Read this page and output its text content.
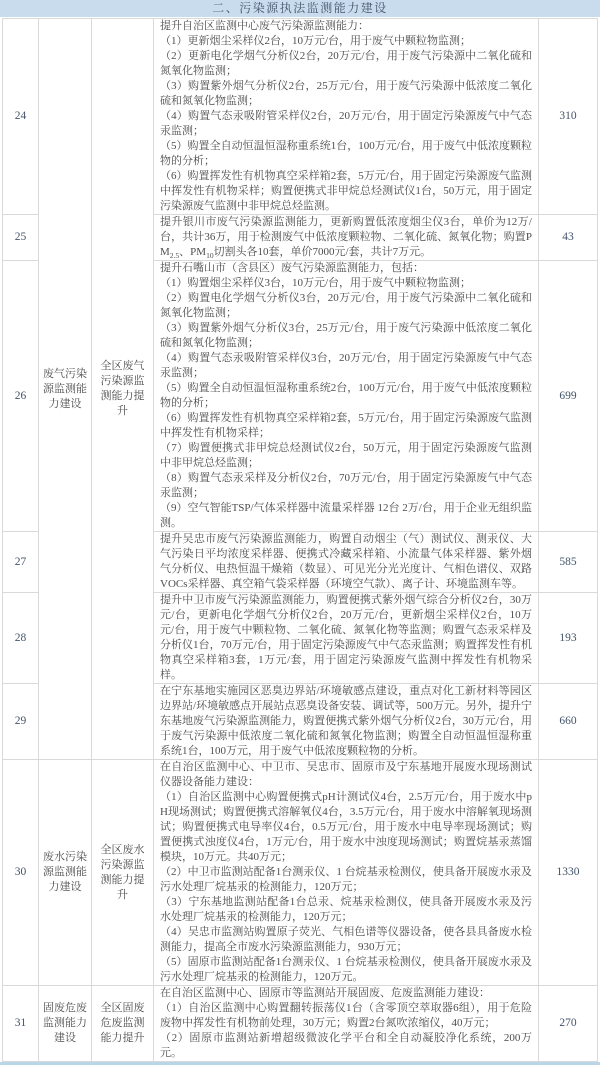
二、污染源执法监测能力建设
24	废气污染源监测能力建设	全区废气污染源监测能力提升	
提升自治区监测中心废气污染源监测能力：
（1）更新烟尘采样仪2台，10万元/台，用于废气中颗粒物监测；
（2）更新电化学烟气分析仪2台，20万元/台，用于废气污染源中二氧化硫和氮氧化物监测；
（3）购置紫外烟气分析仪2台，25万元/台，用于废气污染源中低浓度二氧化硫和氮氧化物监测；
（4）购置气态汞吸附管采样仪2台，20万元/台，用于固定污染源废气中气态汞监测；
（5）购置全自动恒温恒湿称重系统1台，100万元/台，用于废气中低浓度颗粒物的分析；
（6）购置挥发性有机物真空采样箱2套，5万元/台，用于固定污染源废气监测中挥发性有机物采样；购置便携式非甲烷总烃测试仪1台，50万元，用于固定污染源废气监测中非甲烷总烃监测。
	310
25			提升银川市废气污染源监测能力，更新购置低浓度烟尘仪3台，单价为12万/台，共计36万，用于检测废气中低浓度颗粒物、二氧化硫、氮氧化物；购置$PM_{2.5}$、$PM_{10}$切割头各10套，单价7000元/套，共计7万元。	43
26	
提升石嘴山市（含县区）废气污染源监测能力，包括：
（1）购置烟尘采样仪3台，10万元/台，用于废气中颗粒物监测；
（2）购置电化学烟气分析仪3台，20万元/台，用于废气污染源中二氧化硫和氮氧化物监测；
（3）购置紫外烟气分析仪3台，25万元/台，用于废气污染源中低浓度二氧化硫和氮氧化物监测；
（4）购置气态汞吸附管采样仪3台，20万元/台，用于固定污染源废气中气态汞监测；
（5）购置全自动恒温恒湿称重系统2台，100万元/台，用于废气中低浓度颗粒物的分析；
（6）购置挥发性有机物真空采样箱2套，5万元/台，用于固定污染源废气监测中挥发性有机物采样；
（7）购置便携式非甲烷总烃测试仪2台，50万元，用于固定污染源废气监测中非甲烷总烃监测；
（8）购置气态汞采样及分析仪2台，70万元/台，用于固定污染源废气中气态汞监测；
（9）空气智能TSP/气体采样器中流量采样器 12台 2万/台，用于企业无组织监测。
	699
27			提升吴忠市废气污染源监测能力，购置自动烟尘（气）测试仪、测汞仪、大气污染日平均浓度采样器、便携式冷藏采样箱、小流量气体采样器、紫外烟气分析仪、电热恒温干燥箱（数显）、可见光分光光度计、气相色谱仪、双路VOCs采样器、真空箱气袋采样器（环境空气款）、离子计、环境监测车等。	585
28			提升中卫市废气污染源监测能力，购置便携式紫外烟气综合分析仪2台，30万元/台，更新电化学烟气分析仪2台，20万元/台，更新烟尘采样仪2台，10万元/台，用于废气中颗粒物、二氧化硫、氮氧化物等监测；购置气态汞采样及分析仪1台，70万元/台，用于固定污染源废气中气态汞监测；购置挥发性有机物真空采样箱3套，1万元/套，用于固定污染源废气监测中挥发性有机物采样。	193
29			在宁东基地实施园区恶臭边界站/环境敏感点建设，重点对化工新材料等园区边界站/环境敏感点开展站点恶臭设备安装、调试等，500万元。另外，提升宁东基地废气污染源监测能力，购置便携式紫外烟气分析仪2台，30万元/台，用于废气污染源中低浓度二氧化硫和氮氧化物监测；购置全自动恒温恒湿称重系统1台，100万元，用于废气中低浓度颗粒物的分析。	660
30	废水污染源监测能力建设	全区废水污染源监测能力提升	
在自治区监测中心、中卫市、吴忠市、固原市及宁东基地开展废水现场测试仪器设备能力建设：
（1）自治区监测中心购置便携式pH计测试仪4台，2.5万元/台，用于废水中pH现场测试；购置便携式溶解氧仪4台，3.5万元/台，用于废水中溶解氧现场测试；购置便携式电导率仪4台，0.5万元/台，用于废水中电导率现场测试；购置便携式浊度仪4台，1万元/台，用于废水中浊度现场测试；购置烷基汞蒸馏模块，10万元。共40万元；
（2）中卫市监测站配备1台测汞仪、1 台烷基汞检测仪，使具备开展废水汞及污水处理厂烷基汞的检测能力，120万元；
（3）宁东基地监测站配备1台总汞、烷基汞检测仪，使具备开展废水汞及污水处理厂烷基汞的检测能力，120万元；
（4）吴忠市监测站购置原子荧光、气相色谱等仪器设备，使各县具备废水检测能力，提高全市废水污染源监测能力，930万元；
（5）固原市监测站配备1台测汞仪、1 台烷基汞检测仪，使具备开展废水汞及污水处理厂烷基汞的检测能力，120万元。
	1330
31	固废危废监测能力建设	全区固废危废监测能力提升	在自治区监测中心、固原市等监测站开展固废、危废监测能力建设：
（1）自治区监测中心购置翻转振荡仪1台（含零顶空萃取器6组），用于危险废物中挥发性有机物前处理，30万元；购置2台氮吹浓缩仪，40万元；
（2）固原市监测站新增超级微波化学平台和全自动凝胶净化系统，200万元。	270
